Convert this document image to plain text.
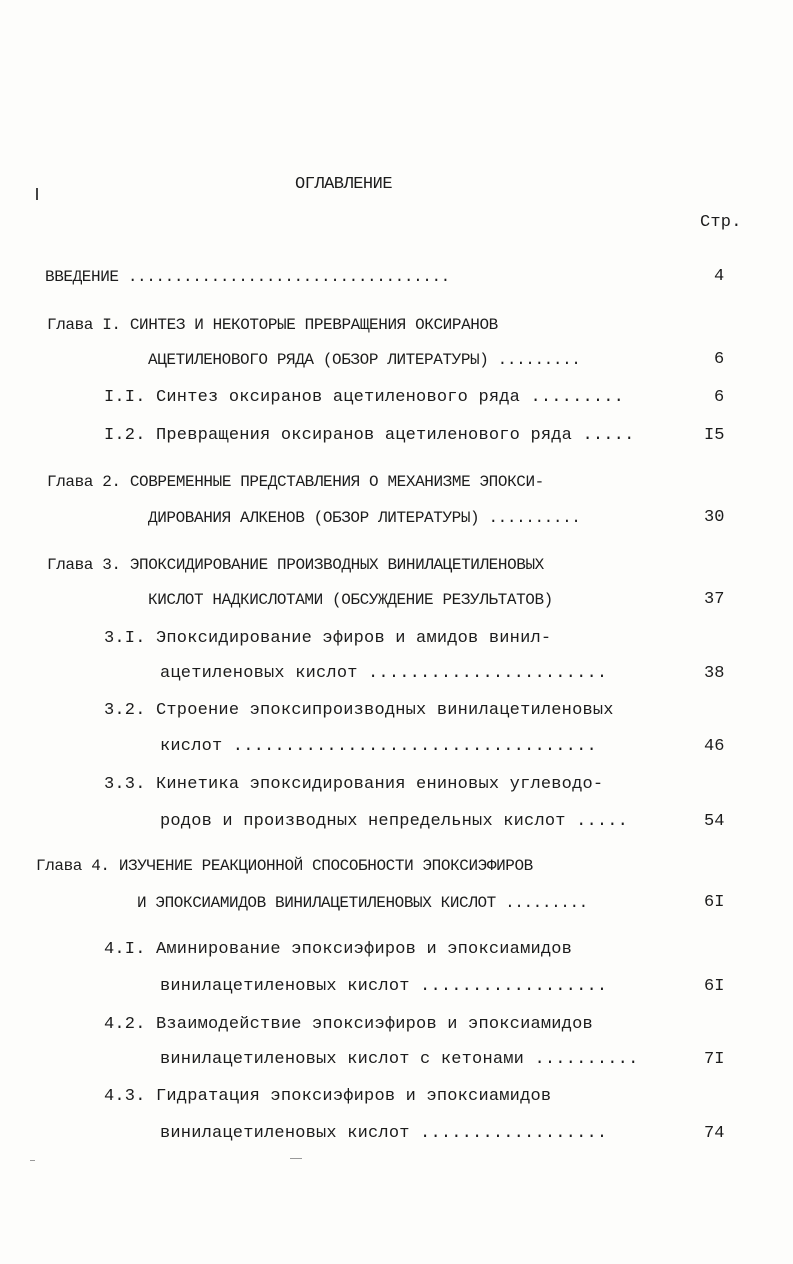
ОГЛАВЛЕНИЕ
Стр.
ВВЕДЕНИЕ ...................................	4
Глава I. СИНТЕЗ И НЕКОТОРЫЕ ПРЕВРАЩЕНИЯ ОКСИРАНОВ
АЦЕТИЛЕНОВОГО РЯДА (ОБЗОР ЛИТЕРАТУРЫ) .........	6
I.I. Синтез оксиранов ацетиленового ряда .........	6
I.2. Превращения оксиранов ацетиленового ряда .....	I5
Глава 2. СОВРЕМЕННЫЕ ПРЕДСТАВЛЕНИЯ О МЕХАНИЗМЕ ЭПОКСИ-
ДИРОВАНИЯ АЛКЕНОВ (ОБЗОР ЛИТЕРАТУРЫ) ..........	30
Глава 3. ЭПОКСИДИРОВАНИЕ ПРОИЗВОДНЫХ ВИНИЛАЦЕТИЛЕНОВЫХ
КИСЛОТ НАДКИСЛОТАМИ (ОБСУЖДЕНИЕ РЕЗУЛЬТАТОВ)	37
3.I. Эпоксидирование эфиров и амидов винил-
ацетиленовых кислот .......................	38
3.2. Строение эпоксипроизводных винилацетиленовых
кислот ...................................	46
3.3. Кинетика эпоксидирования ениновых углеводо-
родов и производных непредельных кислот .....	54
Глава 4. ИЗУЧЕНИЕ РЕАКЦИОННОЙ СПОСОБНОСТИ ЭПОКСИЭФИРОВ
И ЭПОКСИАМИДОВ ВИНИЛАЦЕТИЛЕНОВЫХ КИСЛОТ .........	6I
4.I. Аминирование эпоксиэфиров и эпоксиамидов
винилацетиленовых кислот ..................	6I
4.2. Взаимодействие эпоксиэфиров и эпоксиамидов
винилацетиленовых кислот с кетонами ..........	7I
4.3. Гидратация эпоксиэфиров и эпоксиамидов
винилацетиленовых кислот ..................	74
